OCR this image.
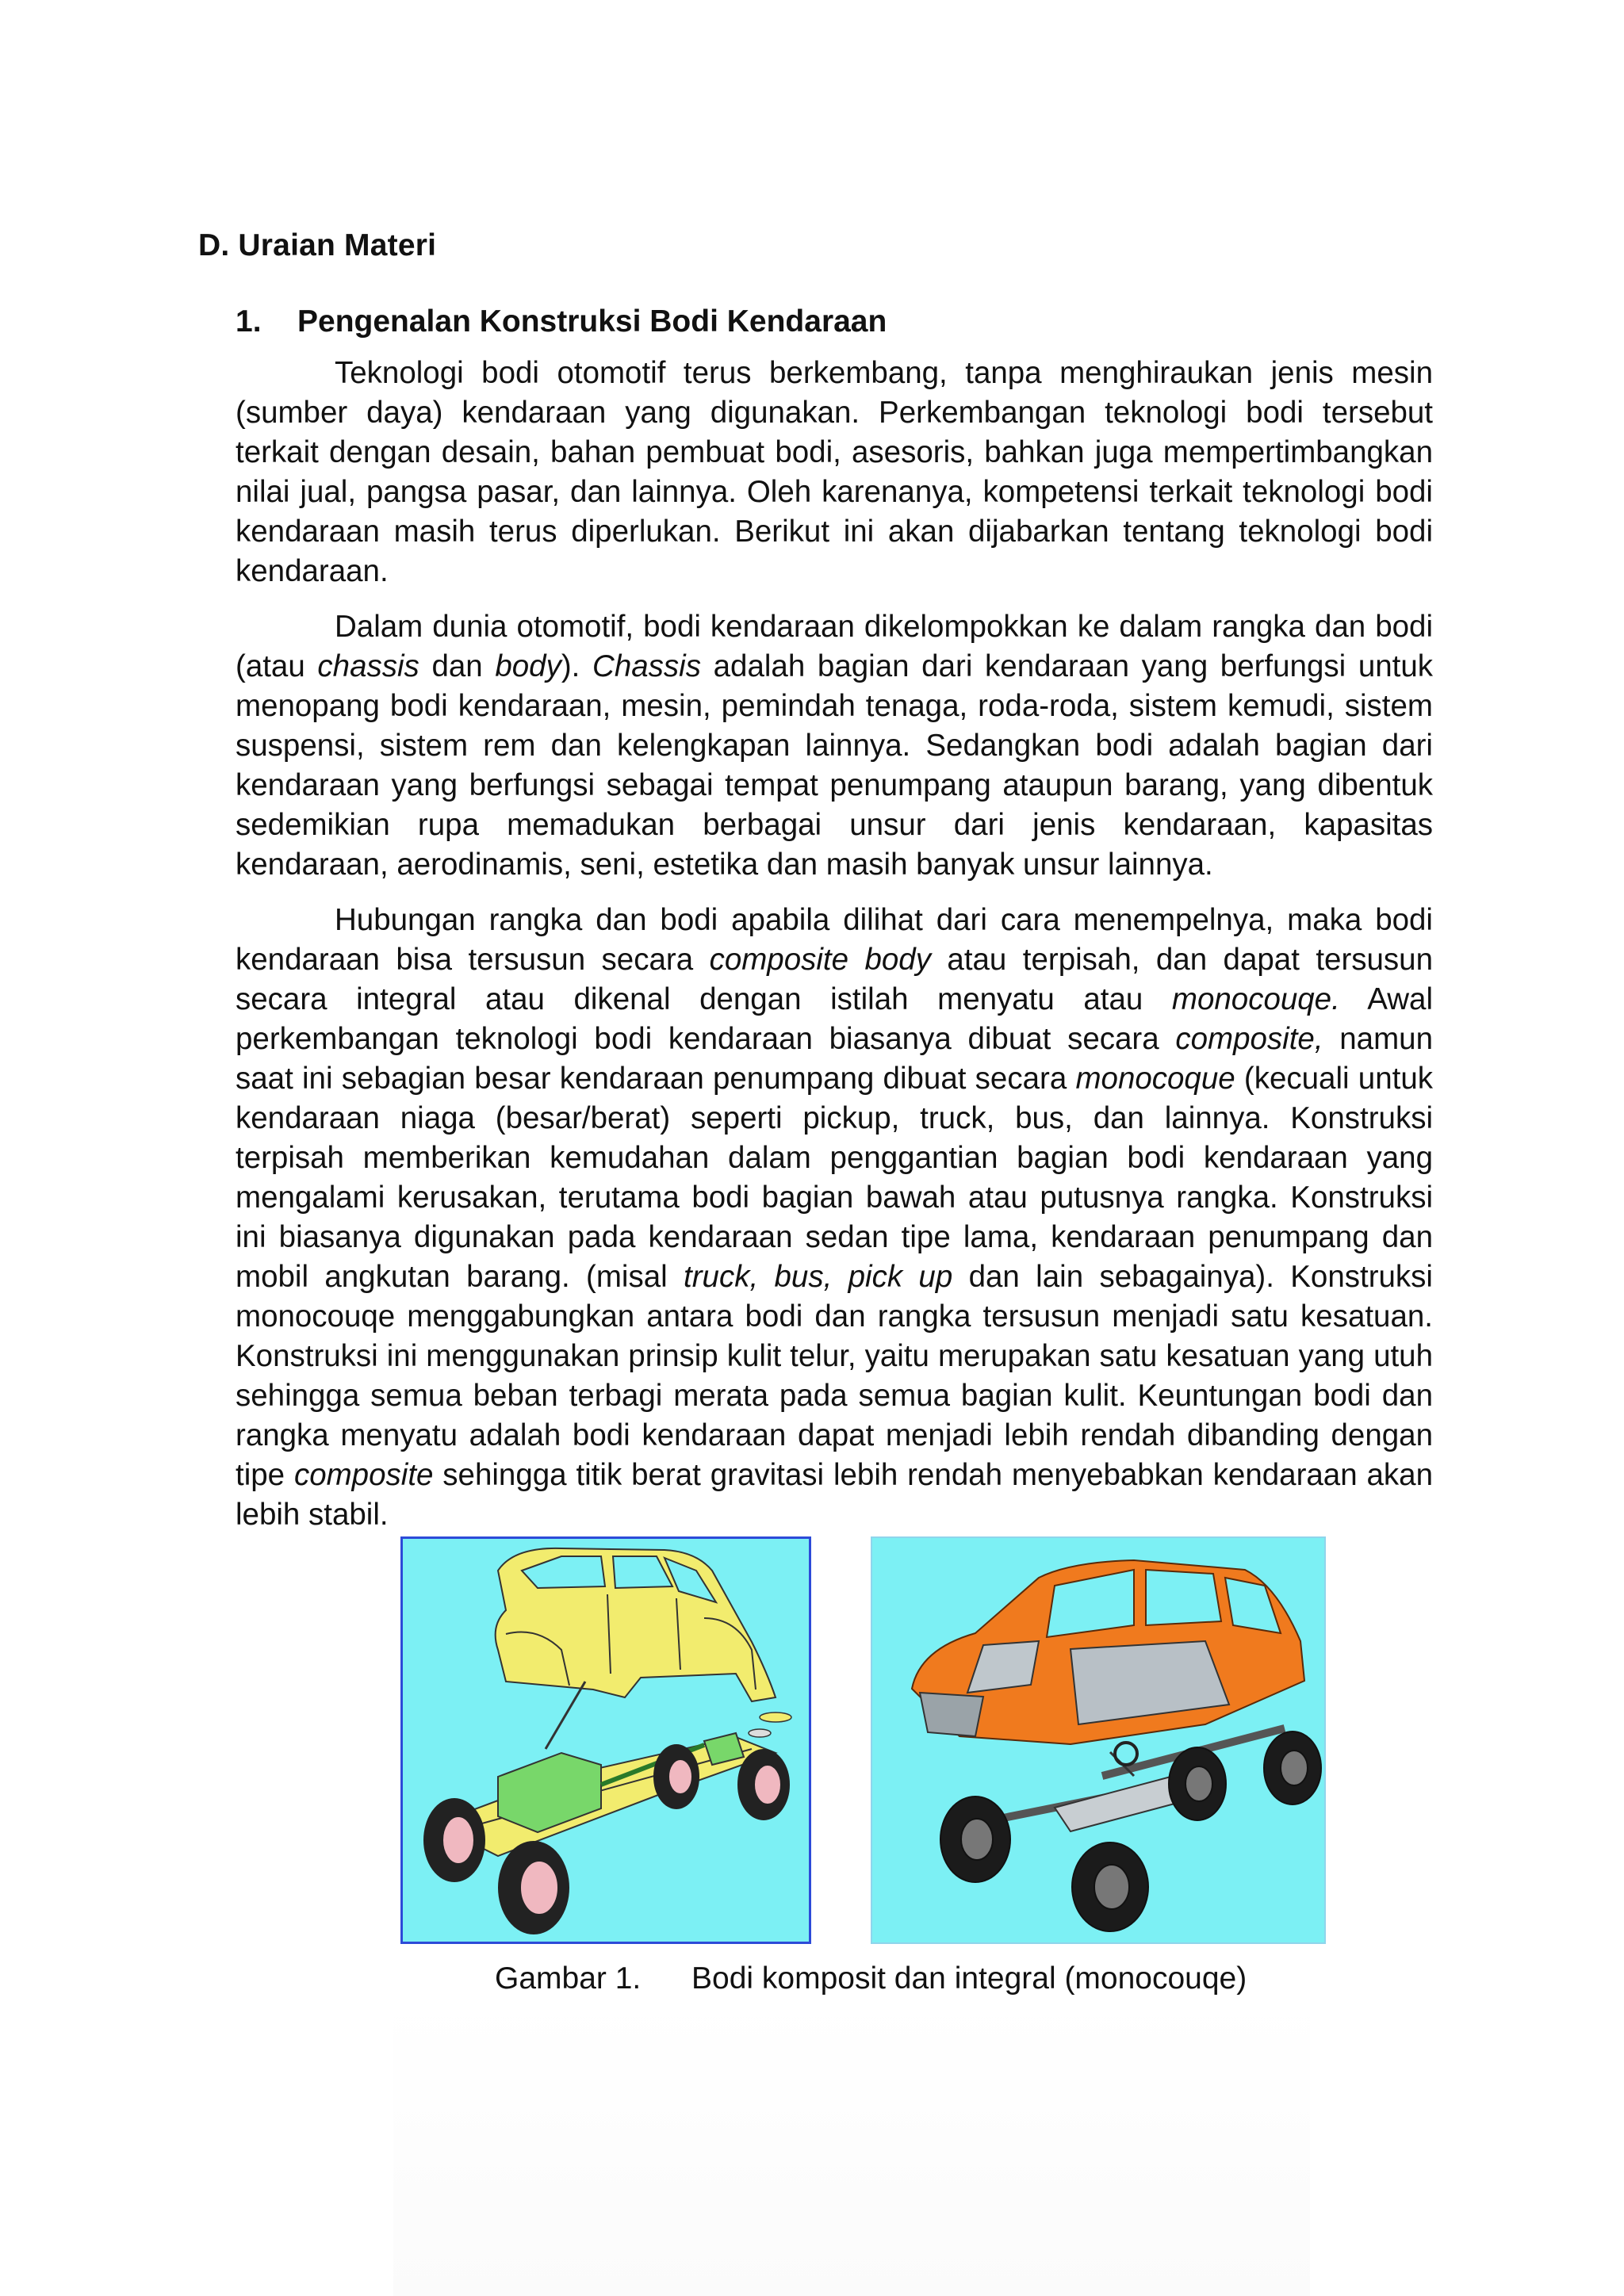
D. Uraian Materi
1. Pengenalan Konstruksi Bodi Kendaraan

Teknologi bodi otomotif terus berkembang, tanpa menghiraukan jenis mesin (sumber daya) kendaraan yang digunakan. Perkembangan teknologi bodi tersebut terkait dengan desain, bahan pembuat bodi, asesoris, bahkan juga mempertimbangkan nilai jual, pangsa pasar, dan lainnya. Oleh karenanya, kompetensi terkait teknologi bodi kendaraan masih terus diperlukan. Berikut ini akan dijabarkan tentang teknologi bodi kendaraan.

Dalam dunia otomotif, bodi kendaraan dikelompokkan ke dalam rangka dan bodi (atau chassis dan body). Chassis adalah bagian dari kendaraan yang berfungsi untuk menopang bodi kendaraan, mesin, pemindah tenaga, roda-roda, sistem kemudi, sistem suspensi, sistem rem dan kelengkapan lainnya. Sedangkan bodi adalah bagian dari kendaraan yang berfungsi sebagai tempat penumpang ataupun barang, yang dibentuk sedemikian rupa memadukan berbagai unsur dari jenis kendaraan, kapasitas kendaraan, aerodinamis, seni, estetika dan masih banyak unsur lainnya.

Hubungan rangka dan bodi apabila dilihat dari cara menempelnya, maka bodi kendaraan bisa tersusun secara composite body atau terpisah, dan dapat tersusun secara integral atau dikenal dengan istilah menyatu atau monocouqe. Awal perkembangan teknologi bodi kendaraan biasanya dibuat secara composite, namun saat ini sebagian besar kendaraan penumpang dibuat secara monocoque (kecuali untuk kendaraan niaga (besar/berat) seperti pickup, truck, bus, dan lainnya. Konstruksi terpisah memberikan kemudahan dalam penggantian bagian bodi kendaraan yang mengalami kerusakan, terutama bodi bagian bawah atau putusnya rangka. Konstruksi ini biasanya digunakan pada kendaraan sedan tipe lama, kendaraan penumpang dan mobil angkutan barang. (misal truck, bus, pick up dan lain sebagainya). Konstruksi monocouqe menggabungkan antara bodi dan rangka tersusun menjadi satu kesatuan. Konstruksi ini menggunakan prinsip kulit telur, yaitu merupakan satu kesatuan yang utuh sehingga semua beban terbagi merata pada semua bagian kulit. Keuntungan bodi dan rangka menyatu adalah bodi kendaraan dapat menjadi lebih rendah dibanding dengan tipe composite sehingga titik berat gravitasi lebih rendah menyebabkan kendaraan akan lebih stabil.

Gambar 1. Bodi komposit dan integral (monocouqe)
